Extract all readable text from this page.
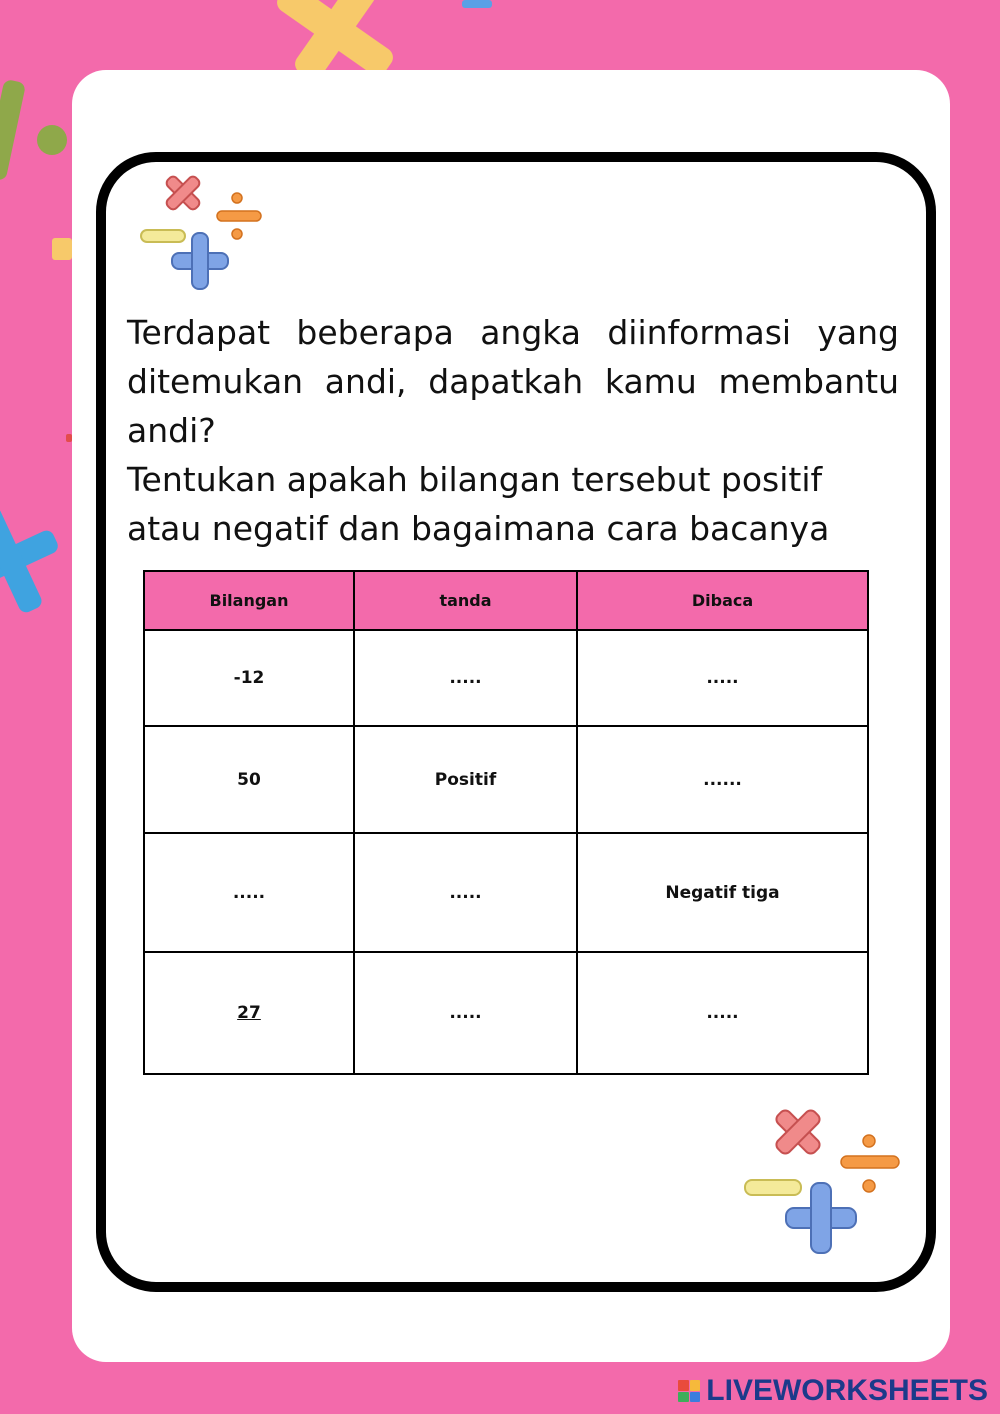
Terdapat beberapa angka diinformasi yang ditemukan andi, dapatkah kamu membantu andi?

Tentukan apakah bilangan tersebut positif atau negatif dan bagaimana cara bacanya

Bilangan	tanda	Dibaca
-12	.....	.....
50	Positif	......
.....	.....	Negatif tiga
27	.....	.....
LIVEWORKSHEETS
